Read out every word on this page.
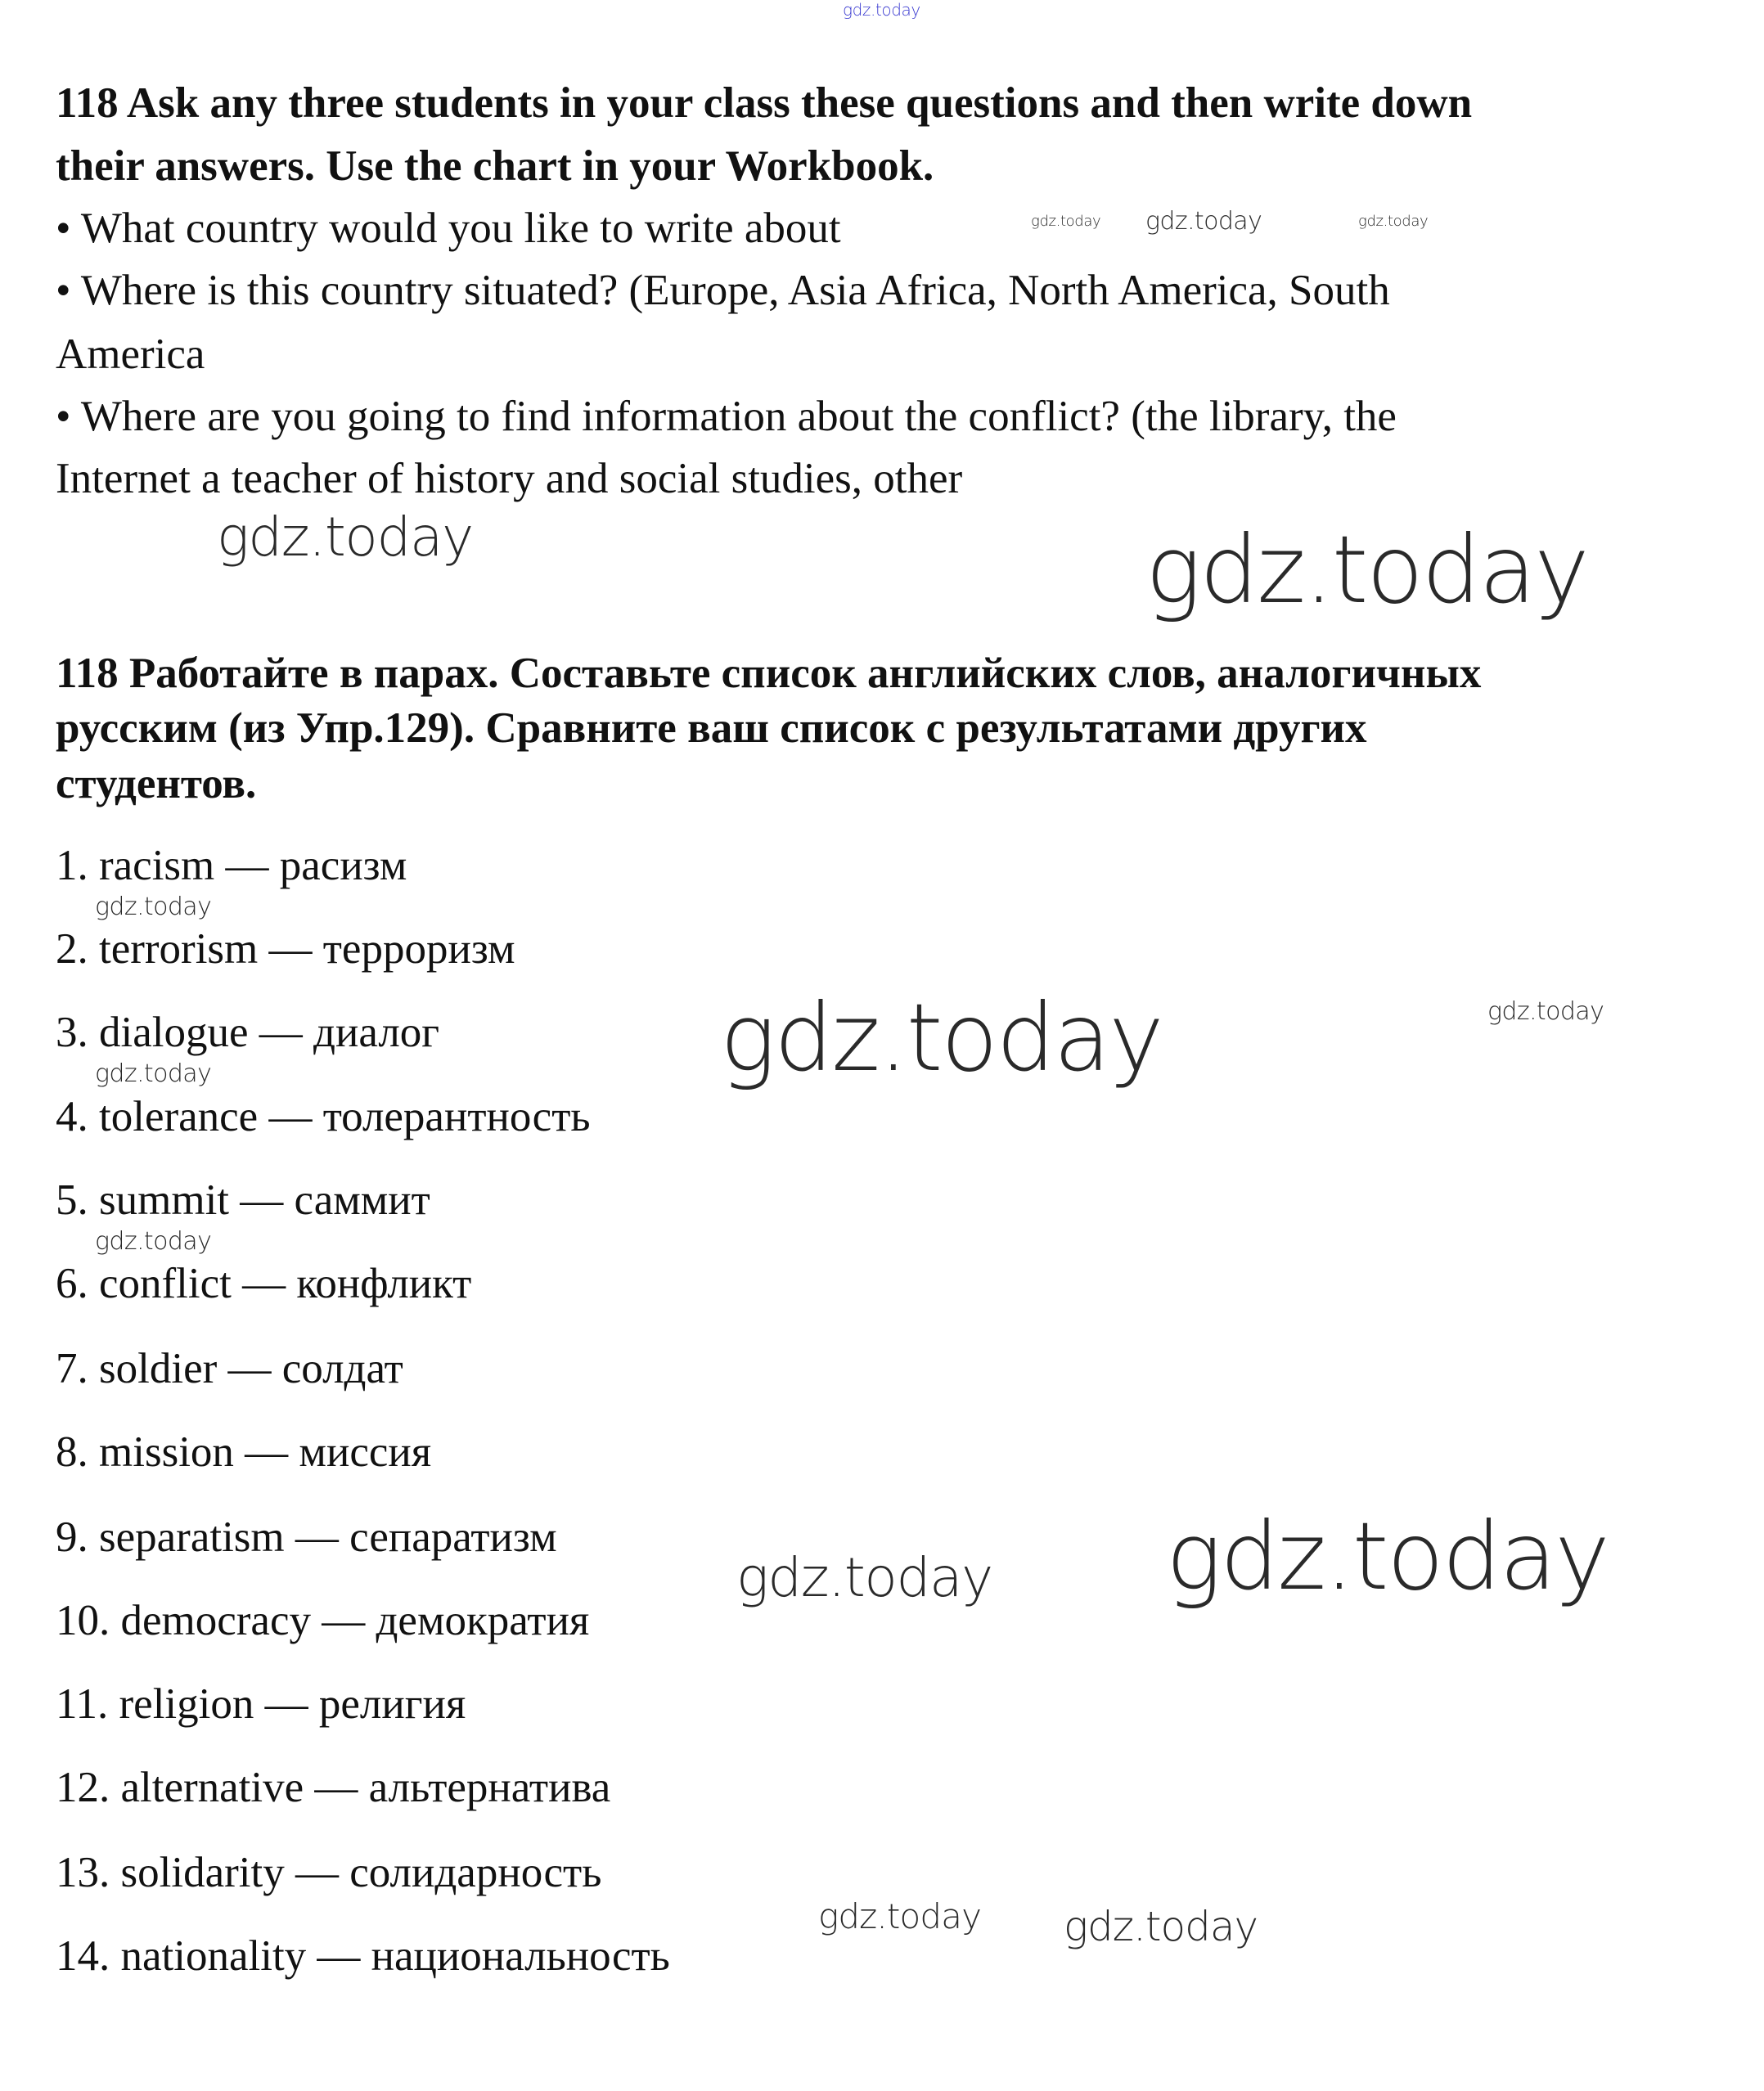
gdz.today
118 Ask any three students in your class these questions and then write down
their answers. Use the chart in your Workbook.
• What country would you like to write about
• Where is this country situated? (Europe, Asia Africa, North America, South
America
• Where are you going to find information about the conflict? (the library, the
Internet a teacher of history and social studies, other
118 Работайте в парах. Составьте список английских слов, аналогичных
русским (из Упр.129). Сравните ваш список с результатами других
студентов.
1. racism — расизм
2. terrorism — терроризм
3. dialogue — диалог
4. tolerance — толерантность
5. summit — саммит
6. conflict — конфликт
7. soldier — солдат
8. mission — миссия
9. separatism — сепаратизм
10. democracy — демократия
11. religion — религия
12. alternative — альтернатива
13. solidarity — солидарность
14. nationality — национальность
gdz.today gdz.today	gdz.today
gdz.today	gdz.today
gdz.today
gdz.today	gdz.today
gdz.today
gdz.today
gdz.today gdz.today
gdz.today gdz.today
